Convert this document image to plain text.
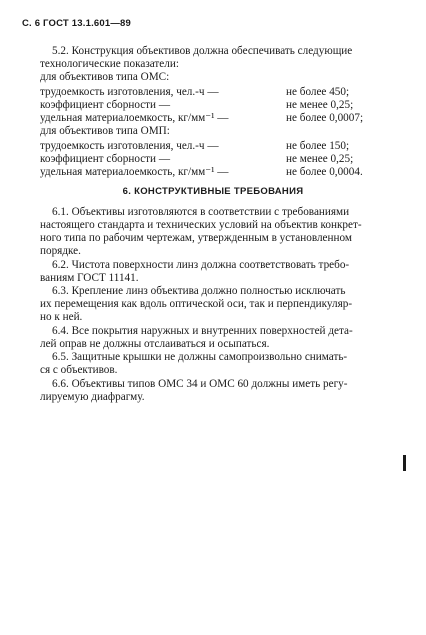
С. 6 ГОСТ 13.1.601—89
5.2. Конструкция объективов должна обеспечивать следующие
технологические показатели:
для объективов типа ОМС:
трудоемкость изготовления, чел.-ч —	не более 450;
коэффициент сборности —	не менее 0,25;
удельная материалоемкость, кг/мм⁻¹ —	не более 0,0007;
для объективов типа ОМП:
трудоемкость изготовления, чел.-ч —	не более 150;
коэффициент сборности —	не менее 0,25;
удельная материалоемкость, кг/мм⁻¹ —	не более 0,0004.
6. КОНСТРУКТИВНЫЕ ТРЕБОВАНИЯ
6.1. Объективы изготовляются в соответствии с требованиями
настоящего стандарта и технических условий на объектив конкрет-
ного типа по рабочим чертежам, утвержденным в установленном
порядке.
6.2. Чистота поверхности линз должна соответствовать требо-
ваниям ГОСТ 11141.
6.3. Крепление линз объектива должно полностью исключать
их перемещения как вдоль оптической оси, так и перпендикуляр-
но к ней.
6.4. Все покрытия наружных и внутренних поверхностей дета-
лей оправ не должны отслаиваться и осыпаться.
6.5. Защитные крышки не должны самопроизвольно снимать-
ся с объективов.
6.6. Объективы типов ОМС 34 и ОМС 60 должны иметь регу-
лируемую диафрагму.
